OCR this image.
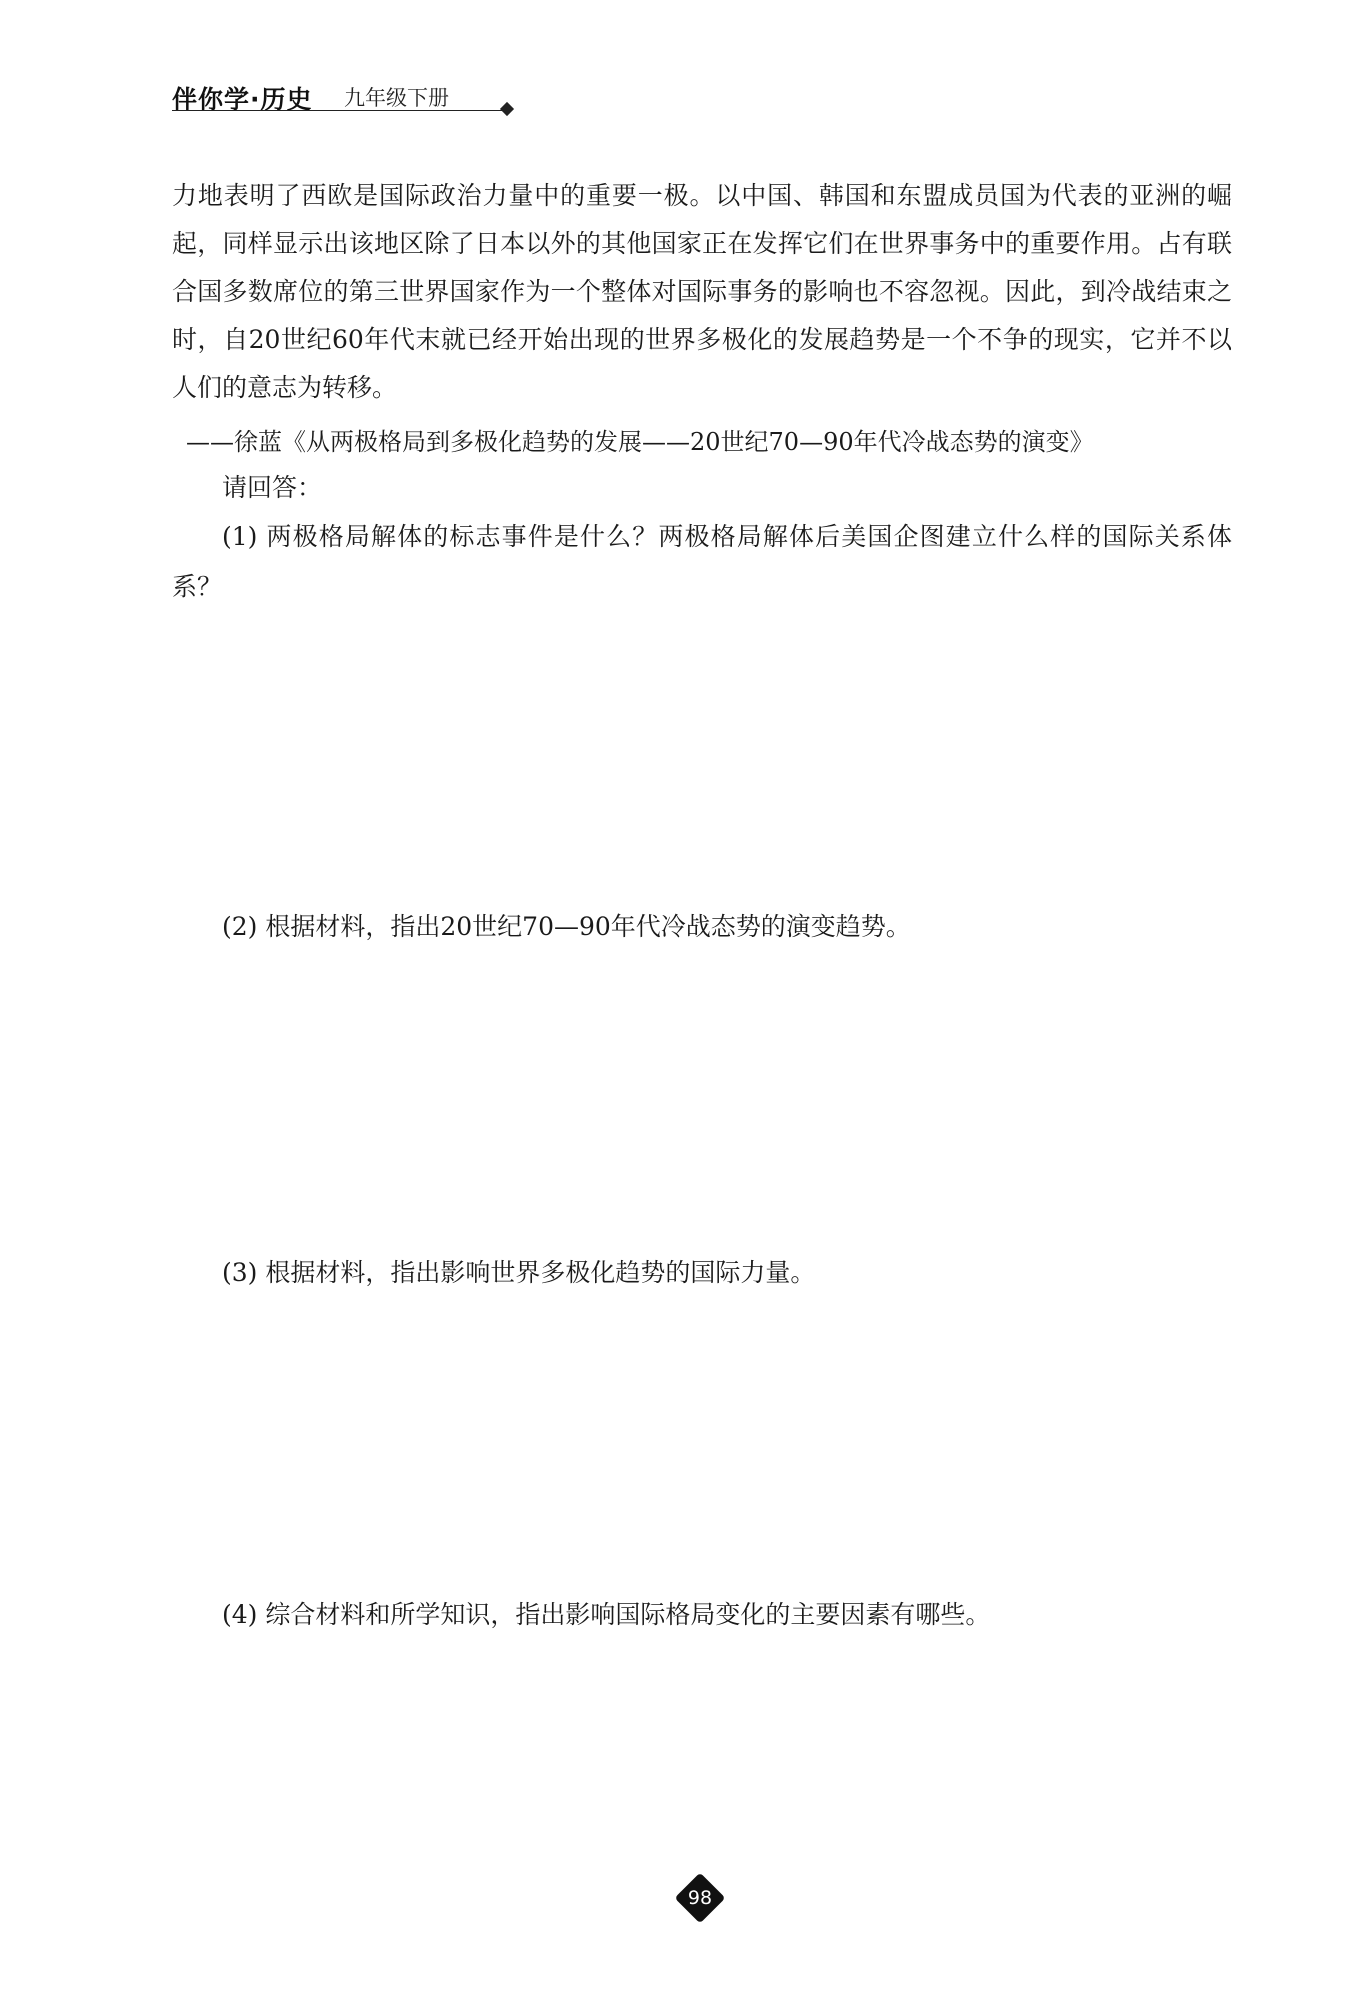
伴你学·历史 九年级下册
力地表明了西欧是国际政治力量中的重要一极。以中国、韩国和东盟成员国为代表的亚洲的崛起，同样显示出该地区除了日本以外的其他国家正在发挥它们在世界事务中的重要作用。占有联合国多数席位的第三世界国家作为一个整体对国际事务的影响也不容忽视。因此，到冷战结束之时，自20世纪60年代末就已经开始出现的世界多极化的发展趋势是一个不争的现实，它并不以人们的意志为转移。
——徐蓝《从两极格局到多极化趋势的发展——20世纪70—90年代冷战态势的演变》
请回答：
(1) 两极格局解体的标志事件是什么？两极格局解体后美国企图建立什么样的国际关系体系？
(2) 根据材料，指出20世纪70—90年代冷战态势的演变趋势。
(3) 根据材料，指出影响世界多极化趋势的国际力量。
(4) 综合材料和所学知识，指出影响国际格局变化的主要因素有哪些。
98
